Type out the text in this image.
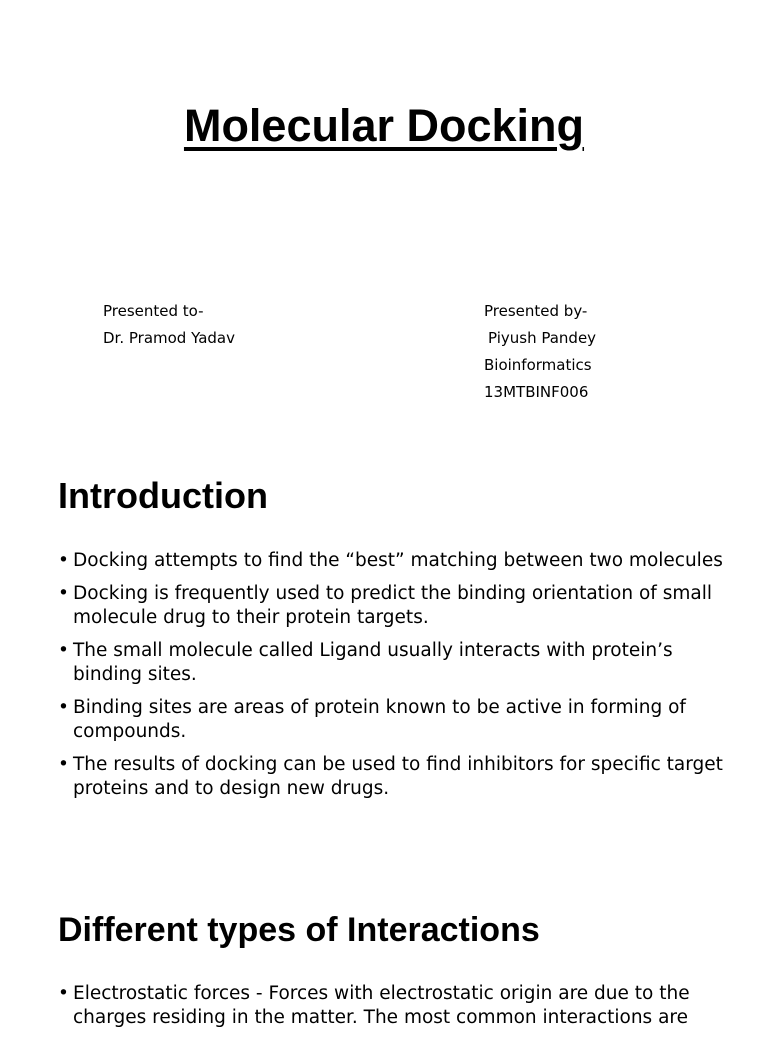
Molecular Docking
Presented to-
Dr. Pramod Yadav
Presented by-
Piyush Pandey
Bioinformatics
13MTBINF006
Introduction
• Docking attempts to find the “best” matching between two molecules
• Docking is frequently used to predict the binding orientation of small molecule drug to their protein targets.
• The small molecule called Ligand usually interacts with protein’s binding sites.
• Binding sites are areas of protein known to be active in forming of compounds.
• The results of docking can be used to find inhibitors for specific target proteins and to design new drugs.
Different types of Interactions
• Electrostatic forces - Forces with electrostatic origin are due to the charges residing in the matter. The most common interactions are
